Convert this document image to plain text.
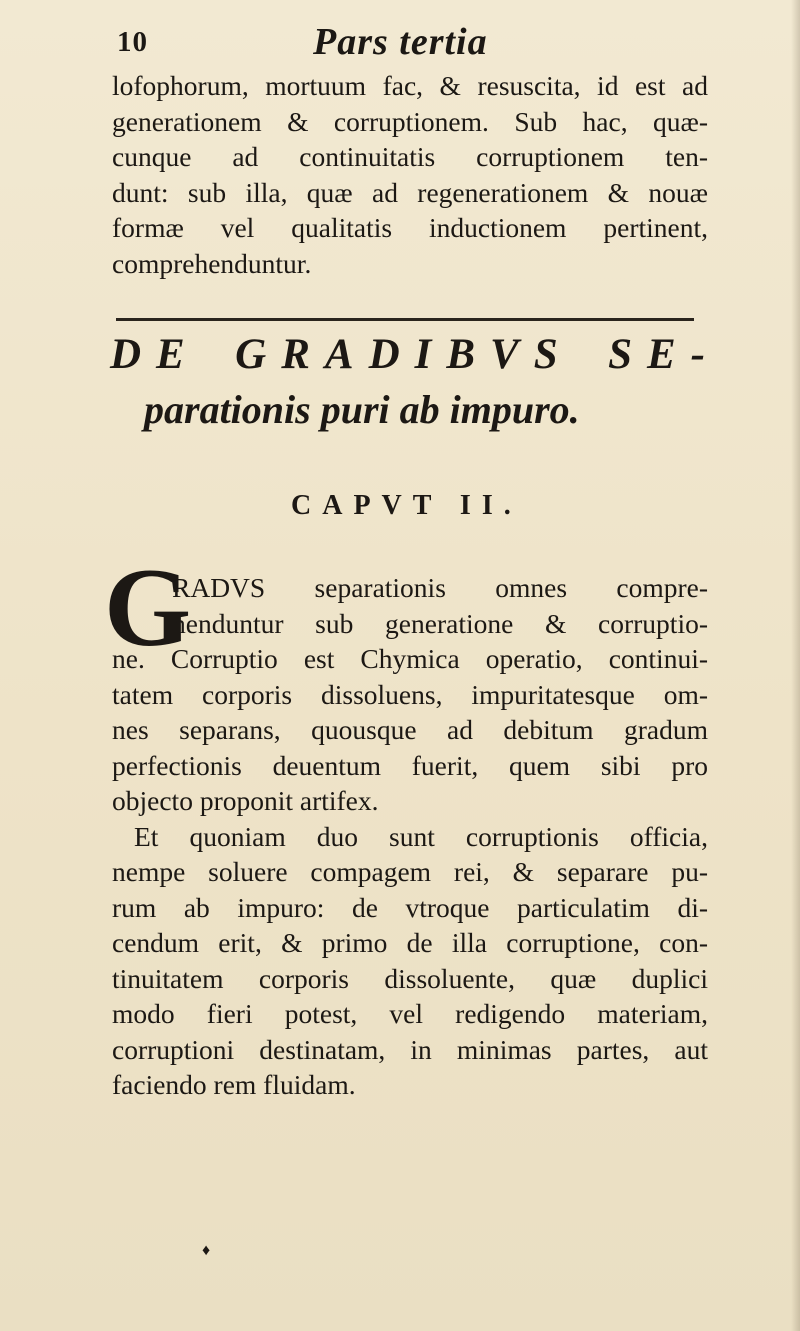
10	Pars tertia
lofophorum, mortuum fac, & resuscita, id est ad
generationem & corruptionem. Sub hac, quæ-
cunque ad continuitatis corruptionem ten-
dunt: sub illa, quæ ad regenerationem & nouæ
formæ vel qualitatis inductionem pertinent,
comprehenduntur.
DE GRADIBVS SE-
parationis puri ab impuro.
CAPVT II.
G
RADVS separationis omnes compre-
henduntur sub generatione & corruptio-
ne. Corruptio est Chymica operatio, continui-
tatem corporis dissoluens, impuritatesque om-
nes separans, quousque ad debitum gradum
perfectionis deuentum fuerit, quem sibi pro
objecto proponit artifex.
Et quoniam duo sunt corruptionis officia,
nempe soluere compagem rei, & separare pu-
rum ab impuro: de vtroque particulatim di-
cendum erit, & primo de illa corruptione, con-
tinuitatem corporis dissoluente, quæ duplici
modo fieri potest, vel redigendo materiam,
corruptioni destinatam, in minimas partes, aut
faciendo rem fluidam.
♦
